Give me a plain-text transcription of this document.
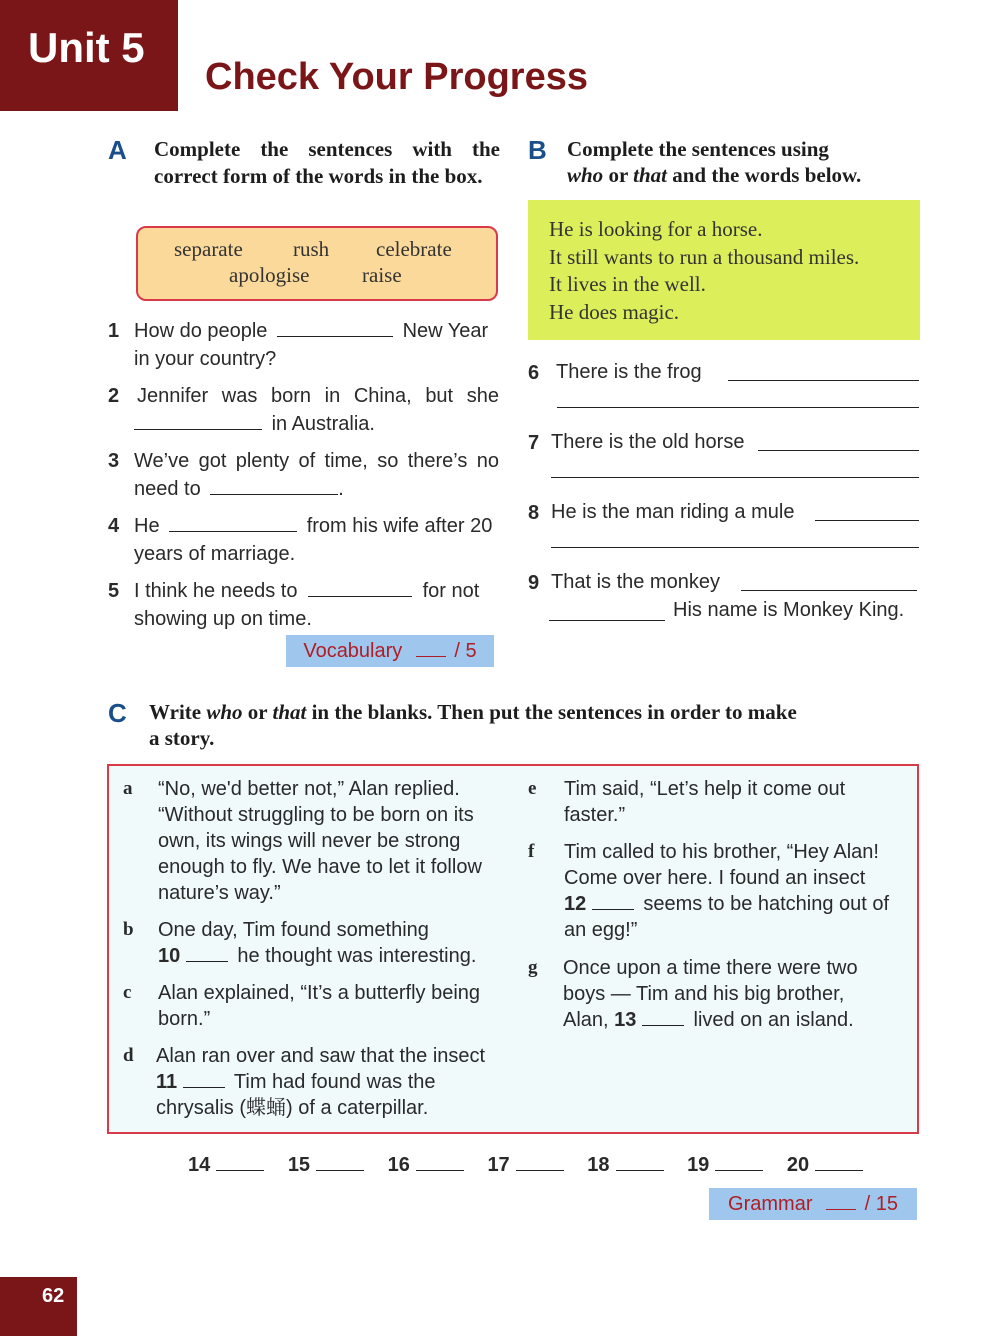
Unit 5
Check Your Progress
A Complete the sentences with the correct form of the words in the box.
separate rush celebrate
apologise	raise
1 How do people	New Year
in your country?
2 Jennifer was born in China, but she
in Australia.
3 We’ve got plenty of time, so there’s no
need to	.
4 He	from his wife after 20
years of marriage.
5 I think he needs to	for not
showing up on time.
Vocabulary	/ 5
B Complete the sentences using
who or that and the words below.
He is looking for a horse.
It still wants to run a thousand miles.
It lives in the well.
He does magic.
6 There is the frog
7 There is the old horse
8 He is the man riding a mule
9 That is the monkey
His name is Monkey King.
C Write who or that in the blanks. Then put the sentences in order to make
a story.
a “No, we'd better not,” Alan replied.
“Without struggling to be born on its
own, its wings will never be strong
enough to fly. We have to let it follow
nature’s way.”
b One day, Tim found something
10	he thought was interesting.
c Alan explained, “It’s a butterfly being
born.”
d Alan ran over and saw that the insect
11	Tim had found was the
chrysalis (蝶蛹) of a caterpillar.
e Tim said, “Let’s help it come out
faster.”
f Tim called to his brother, “Hey Alan!
Come over here. I found an insect
12	seems to be hatching out of
an egg!”
g Once upon a time there were two
boys — Tim and his big brother,
Alan, 13	lived on an island.
14	15	16	17	18	19	20
Grammar	/ 15
62
